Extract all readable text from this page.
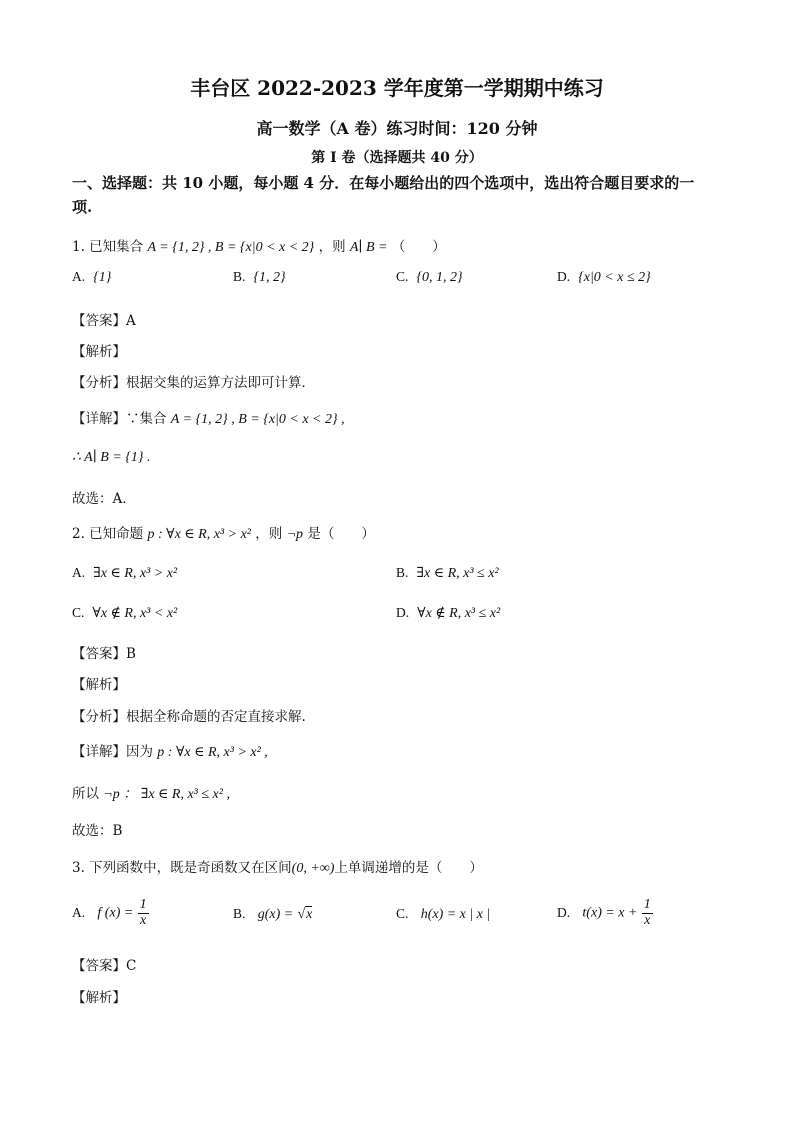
丰台区 2022-2023 学年度第一学期期中练习
高一数学（A 卷）练习时间：120 分钟
第 I 卷（选择题共 40 分）
一、选择题：共 10 小题，每小题 4 分．在每小题给出的四个选项中，选出符合题目要求的一
项.
1. 已知集合 A = {1, 2} , B = {x|0 < x < 2} ，则 A∣ B = （　　）
A. {1}	B. {1, 2}	C. {0, 1, 2}	D. {x|0 < x ≤ 2}
【答案】A
【解析】
【分析】根据交集的运算方法即可计算．
【详解】∵集合 A = {1, 2} , B = {x|0 < x < 2} ,
∴ A∣ B = {1} .
故选：A．
2. 已知命题 p : ∀x ∈ R, x³ > x² ，则 ¬p 是（　　）
A. ∃x ∈ R, x³ > x²	B. ∃x ∈ R, x³ ≤ x²
C. ∀x ∉ R, x³ < x²	D. ∀x ∉ R, x³ ≤ x²
【答案】B
【解析】
【分析】根据全称命题的否定直接求解.
【详解】因为 p : ∀x ∈ R, x³ > x² ,
所以 ¬p ： ∃x ∈ R, x³ ≤ x² ,
故选：B
3. 下列函数中，既是奇函数又在区间(0, +∞)上单调递增的是（　　）
A. f $(x) = \frac{1}{x}$	B. g(x) = √x	C. h(x) = x | x |	D. $t(x) = x + \frac{1}{x}$
【答案】C
【解析】
